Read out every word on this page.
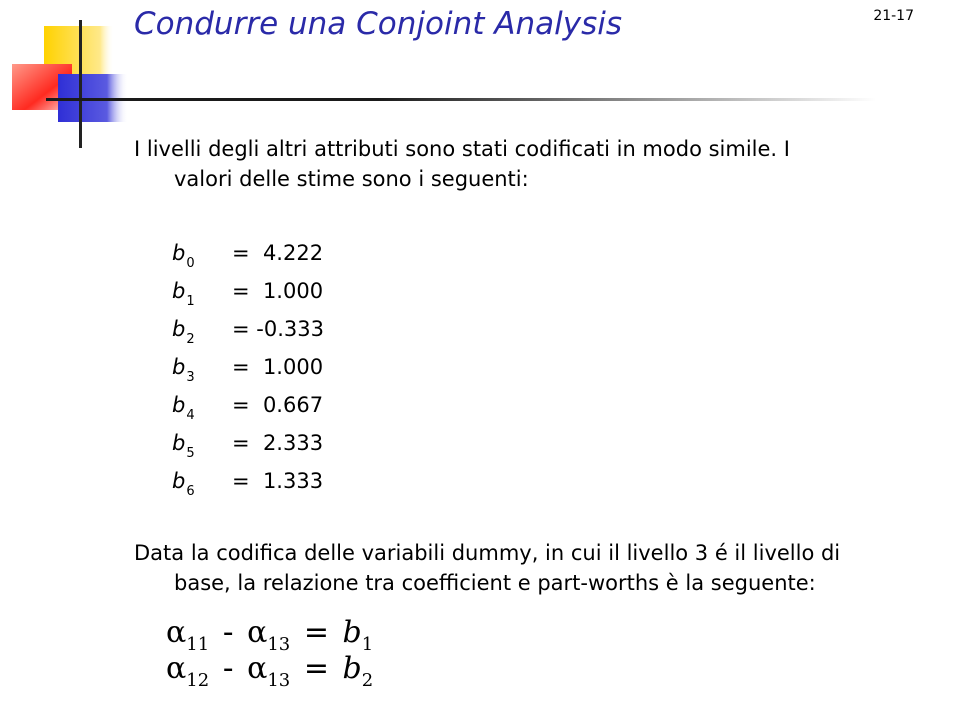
Condurre una Conjoint Analysis	21-17
I livelli degli altri attributi sono stati codificati in modo simile. I
valori delle stime sono i seguenti:
$b_0 = 4.222$
$b_1 = 1.000$
$b_2 = -0.333$
$b_3 = 1.000$
$b_4 = 0.667$
$b_5 = 2.333$
$b_6 = 1.333$
Data la codifica delle variabili dummy, in cui il livello 3 é il livello di
base, la relazione tra coefficient e part-worths è la seguente:
$\alpha_{11} - \alpha_{13} = b_1$
$\alpha_{12} - \alpha_{13} = b_2$
